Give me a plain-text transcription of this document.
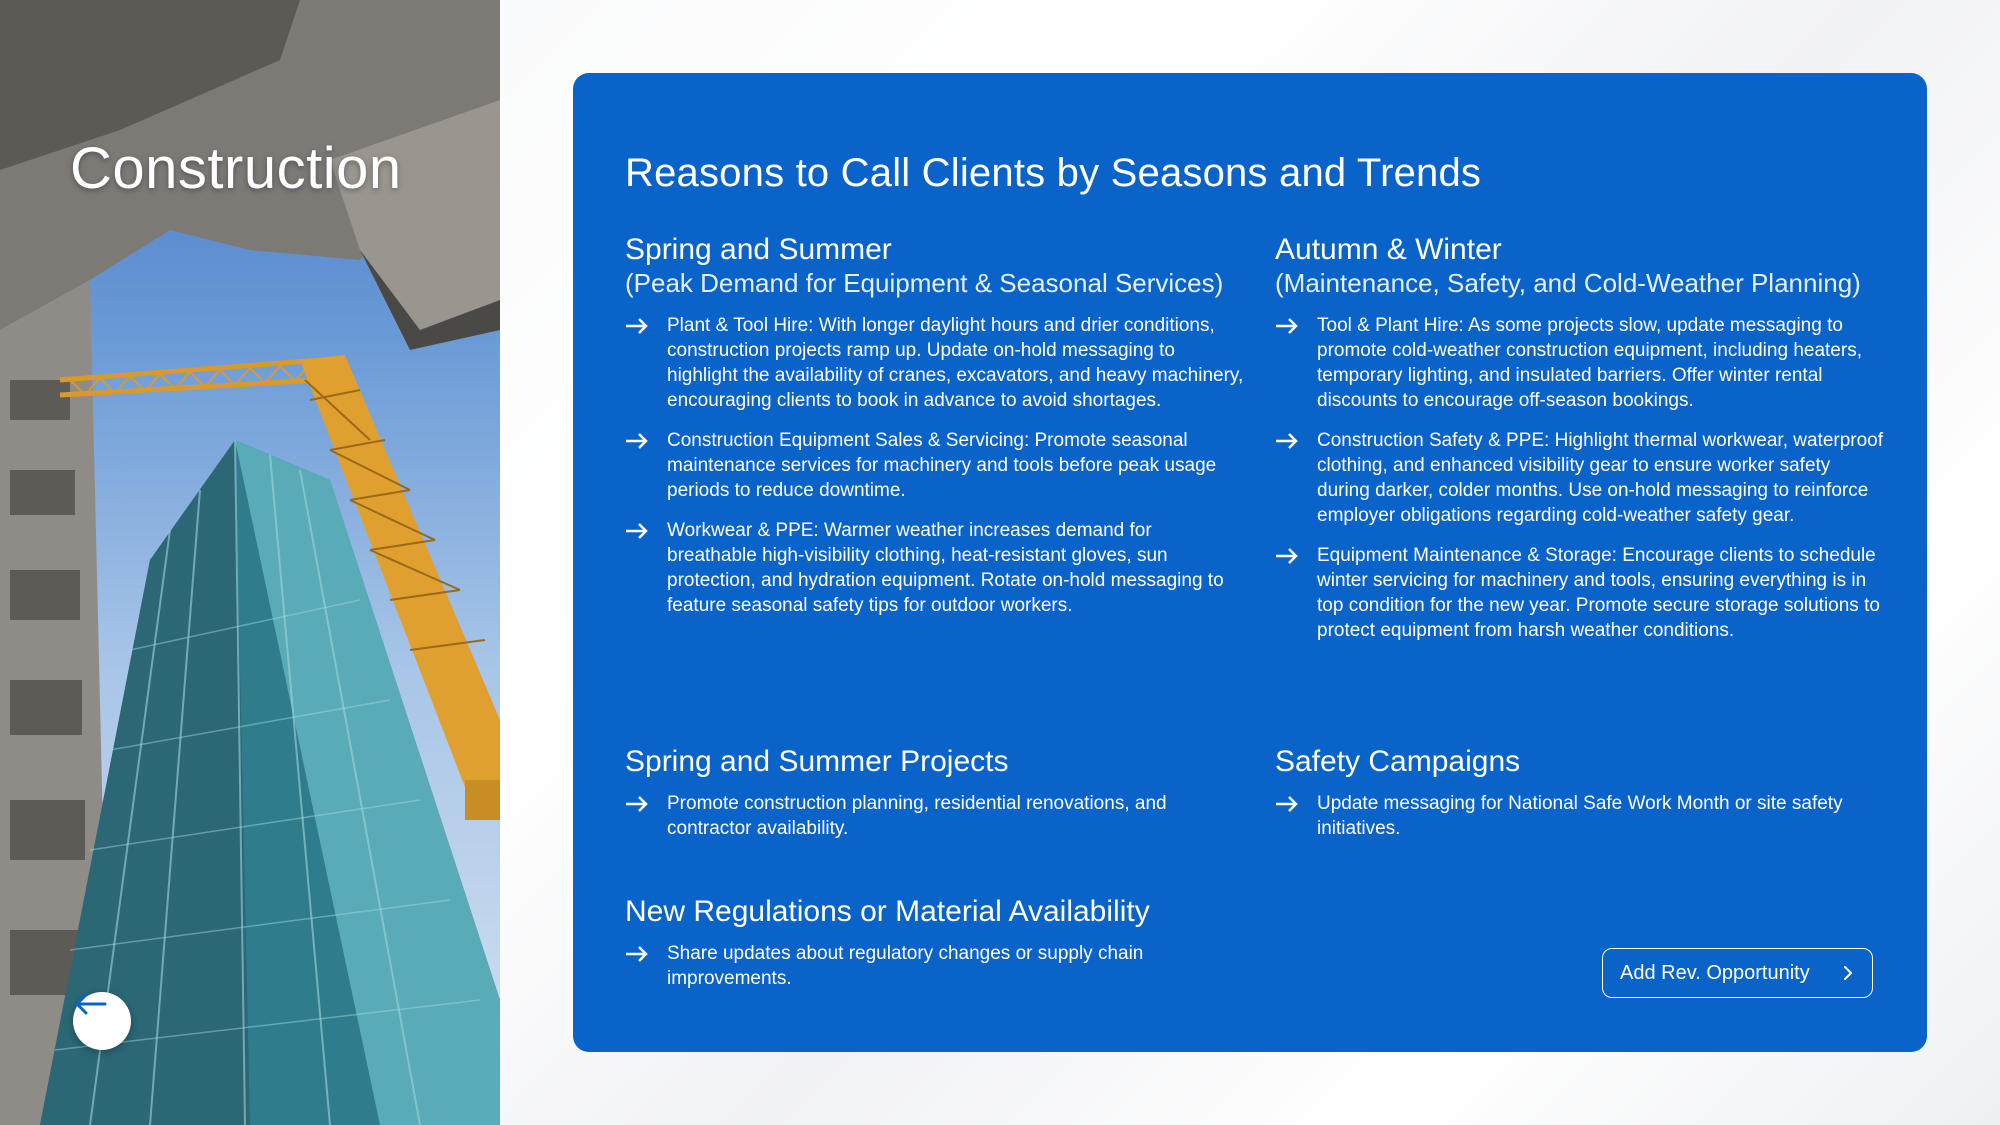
Construction	Reasons to Call Clients by Seasons and Trends
Spring and Summer

(Peak Demand for Equipment & Seasonal Services)

Plant & Tool Hire: With longer daylight hours and drier conditions, construction projects ramp up. Update on-hold messaging to highlight the availability of cranes, excavators, and heavy machinery, encouraging clients to book in advance to avoid shortages.
Construction Equipment Sales & Servicing: Promote seasonal maintenance services for machinery and tools before peak usage periods to reduce downtime.
Workwear & PPE: Warmer weather increases demand for breathable high-visibility clothing, heat-resistant gloves, sun protection, and hydration equipment. Rotate on-hold messaging to feature seasonal safety tips for outdoor workers.
Autumn & Winter

(Maintenance, Safety, and Cold-Weather Planning)

Tool & Plant Hire: As some projects slow, update messaging to promote cold-weather construction equipment, including heaters, temporary lighting, and insulated barriers. Offer winter rental discounts to encourage off-season bookings.
Construction Safety & PPE: Highlight thermal workwear, waterproof clothing, and enhanced visibility gear to ensure worker safety during darker, colder months. Use on-hold messaging to reinforce employer obligations regarding cold-weather safety gear.
Equipment Maintenance & Storage: Encourage clients to schedule winter servicing for machinery and tools, ensuring everything is in top condition for the new year. Promote secure storage solutions to protect equipment from harsh weather conditions.
Spring and Summer Projects
Promote construction planning, residential renovations, and contractor availability.
Safety Campaigns
Update messaging for National Safe Work Month or site safety initiatives.
New Regulations or Material Availability
Share updates about regulatory changes or supply chain improvements.	Add Rev. Opportunity
